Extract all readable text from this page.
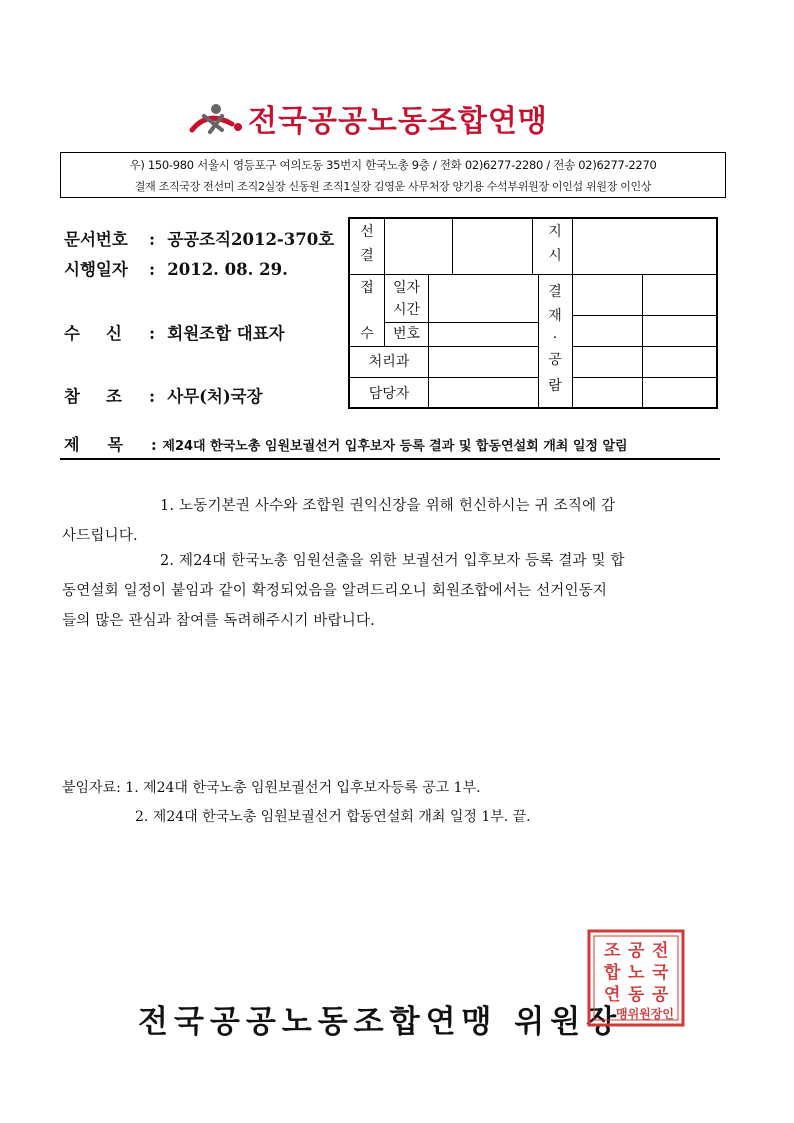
전국공공노동조합연맹
우) 150-980 서울시 영등포구 여의도동 35번지 한국노총 9층 / 전화 02)6277-2280 / 전송 02)6277-2270
결재 조직국장 전선미 조직2실장 신동원 조직1실장 김영운 사무처장 양기용 수석부위원장 이인섭 위원장 이인상
문서번호 : 공공조직2012-370호
시행일자 : 2012. 08. 29.
수신: 회원조합 대표자
참조: 사무(처)국장
선
결
지
시
접
수
일자
시간
번호
처리과
담당자
결
재
·
공
람
제목: 제24대 한국노총 임원보궐선거 입후보자 등록 결과 및 합동연설회 개최 일정 알림
1. 노동기본권 사수와 조합원 권익신장을 위해 헌신하시는 귀 조직에 감
사드립니다.
2. 제24대 한국노총 임원선출을 위한 보궐선거 입후보자 등록 결과 및 합
동연설회 일정이 붙임과 같이 확정되었음을 알려드리오니 회원조합에서는 선거인동지
들의 많은 관심과 참여를 독려해주시기 바랍니다.
붙임자료: 1. 제24대 한국노총 임원보궐선거 입후보자등록 공고 1부.
2. 제24대 한국노총 임원보궐선거 합동연설회 개최 일정 1부. 끝.
전국공공노동조합연맹 위원장
전
국
공
공
노
동
조
합
연
맹위원장인
